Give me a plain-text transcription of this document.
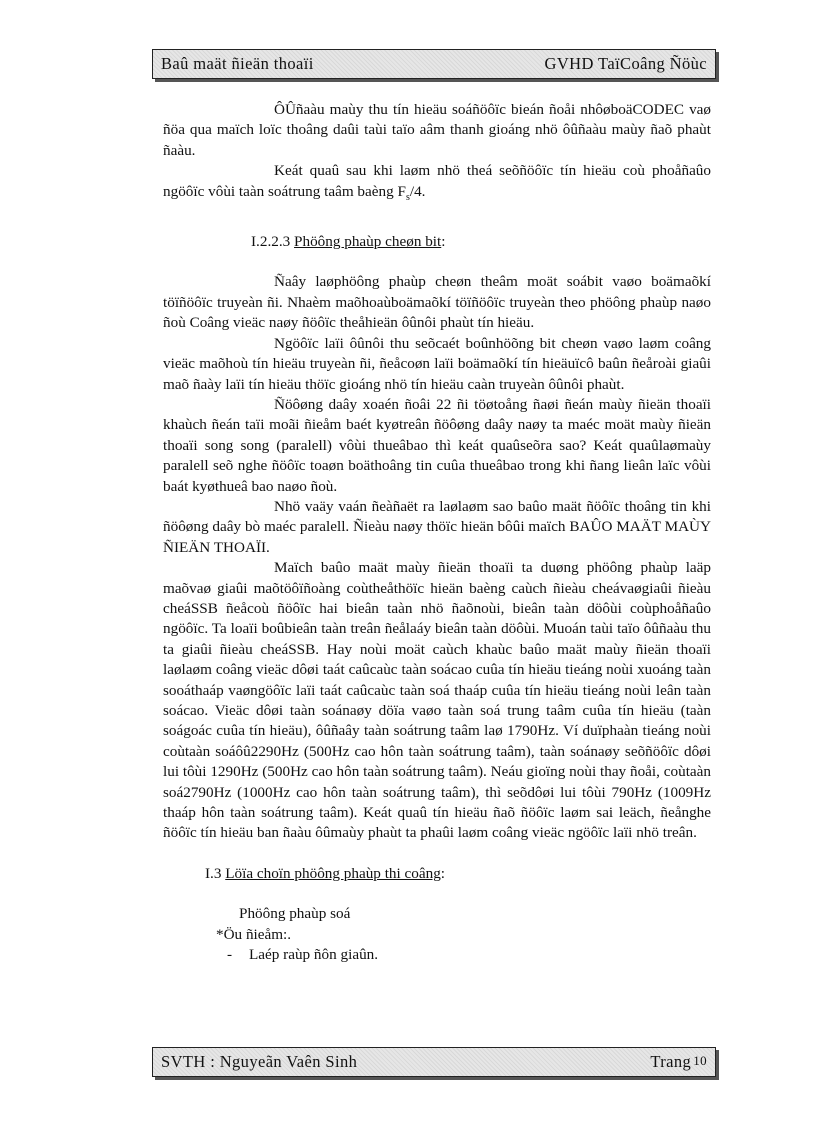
Baû maät ñieän thoaïi	GVHD TaïCoâng Ñöùc

ÔÛñaàu maùy thu tín hieäu soáñöôïc bieán ñoåi nhôøboäCODEC vaø ñöa qua maïch loïc thoâng daûi taùi taïo aâm thanh gioáng nhö ôûñaàu maùy ñaõ phaùt ñaàu.

Keát quaû sau khi laøm nhö theá seõñöôïc tín hieäu coù phoåñaûo ngöôïc vôùi taàn soátrung taâm baèng $F_s/4$.

I.2.2.3 Phöông phaùp cheøn bit:

Ñaây laøphöông phaùp cheøn theâm moät soábit vaøo boämaõkí töïñöôïc truyeàn ñi. Nhaèm maõhoaùboämaõkí töïñöôïc truyeàn theo phöông phaùp naøo ñoù Coâng vieäc naøy ñöôïc theåhieän ôûnôi phaùt tín hieäu.

Ngöôïc laïi ôûnôi thu seõcaét boûnhöõng bit cheøn vaøo laøm coâng vieäc maõhoù tín hieäu truyeàn ñi, ñeåcoøn laïi boämaõkí tín hieäuïcô baûn ñeåroài giaûi maõ ñaày laïi tín hieäu thöïc gioáng nhö tín hieäu caàn truyeàn ôûnôi phaùt.

Ñöôøng daây xoaén ñoâi 22 ñi töøtoång ñaøi ñeán maùy ñieän thoaïi khaùch ñeán taïi moãi ñieåm baét kyøtreân ñöôøng daây naøy ta maéc moät maùy ñieän thoaïi song song (paralell) vôùi thueâbao thì keát quaûseõra sao? Keát quaûlaømaùy paralell seõ nghe ñöôïc toaøn boäthoâng tin cuûa thueâbao trong khi ñang lieân laïc vôùi baát kyøthueâ bao naøo ñoù.

Nhö vaäy vaán ñeàñaët ra laølaøm sao baûo maät ñöôïc thoâng tin khi ñöôøng daây bò maéc paralell. Ñieàu naøy thöïc hieän bôûi maïch BAÛO MAÄT MAÙY ÑIEÄN THOAÏI.

Maïch baûo maät maùy ñieän thoaïi ta duøng phöông phaùp laäp maõvaø giaûi maõtöôïñoàng coùtheåthöïc hieän baèng caùch ñieàu cheávaøgiaûi ñieàu cheáSSB ñeåcoù ñöôïc hai bieân taàn nhö ñaõnoùi, bieân taàn döôùi coùphoåñaûo ngöôïc. Ta loaïi boûbieân taàn treân ñeålaáy bieân taàn döôùi. Muoán taùi taïo ôûñaàu thu ta giaûi ñieàu cheáSSB. Hay noùi moät caùch khaùc baûo maät maùy ñieän thoaïi laølaøm coâng vieäc dôøi taát caûcaùc taàn soácao cuûa tín hieäu tieáng noùi xuoáng taàn sooáthaáp vaøngöôïc laïi taát caûcaùc taàn soá thaáp cuûa tín hieäu tieáng noùi leân taàn soácao. Vieäc dôøi taàn soánaøy döïa vaøo taàn soá trung taâm cuûa tín hieäu (taàn soágoác cuûa tín hieäu), ôûñaây taàn soátrung taâm laø 1790Hz. Ví duïphaàn tieáng noùi coùtaàn soáôû2290Hz (500Hz cao hôn taàn soátrung taâm), taàn soánaøy seõñöôïc dôøi lui tôùi 1290Hz (500Hz cao hôn taàn soátrung taâm). Neáu gioïng noùi thay ñoåi, coùtaàn soá2790Hz (1000Hz cao hôn taàn soátrung taâm), thì seõdôøi lui tôùi 790Hz (1009Hz thaáp hôn taàn soátrung taâm). Keát quaû tín hieäu ñaõ ñöôïc laøm sai leäch, ñeånghe ñöôïc tín hieäu ban ñaàu ôûmaùy phaùt ta phaûi laøm coâng vieäc ngöôïc laïi nhö treân.

I.3 Löïa choïn phöông phaùp thi coâng:

Phöông phaùp soá

*Öu ñieåm:.

- Laép raùp ñôn giaûn.

SVTH : Nguyeãn Vaên Sinh	Trang$^{10}$
